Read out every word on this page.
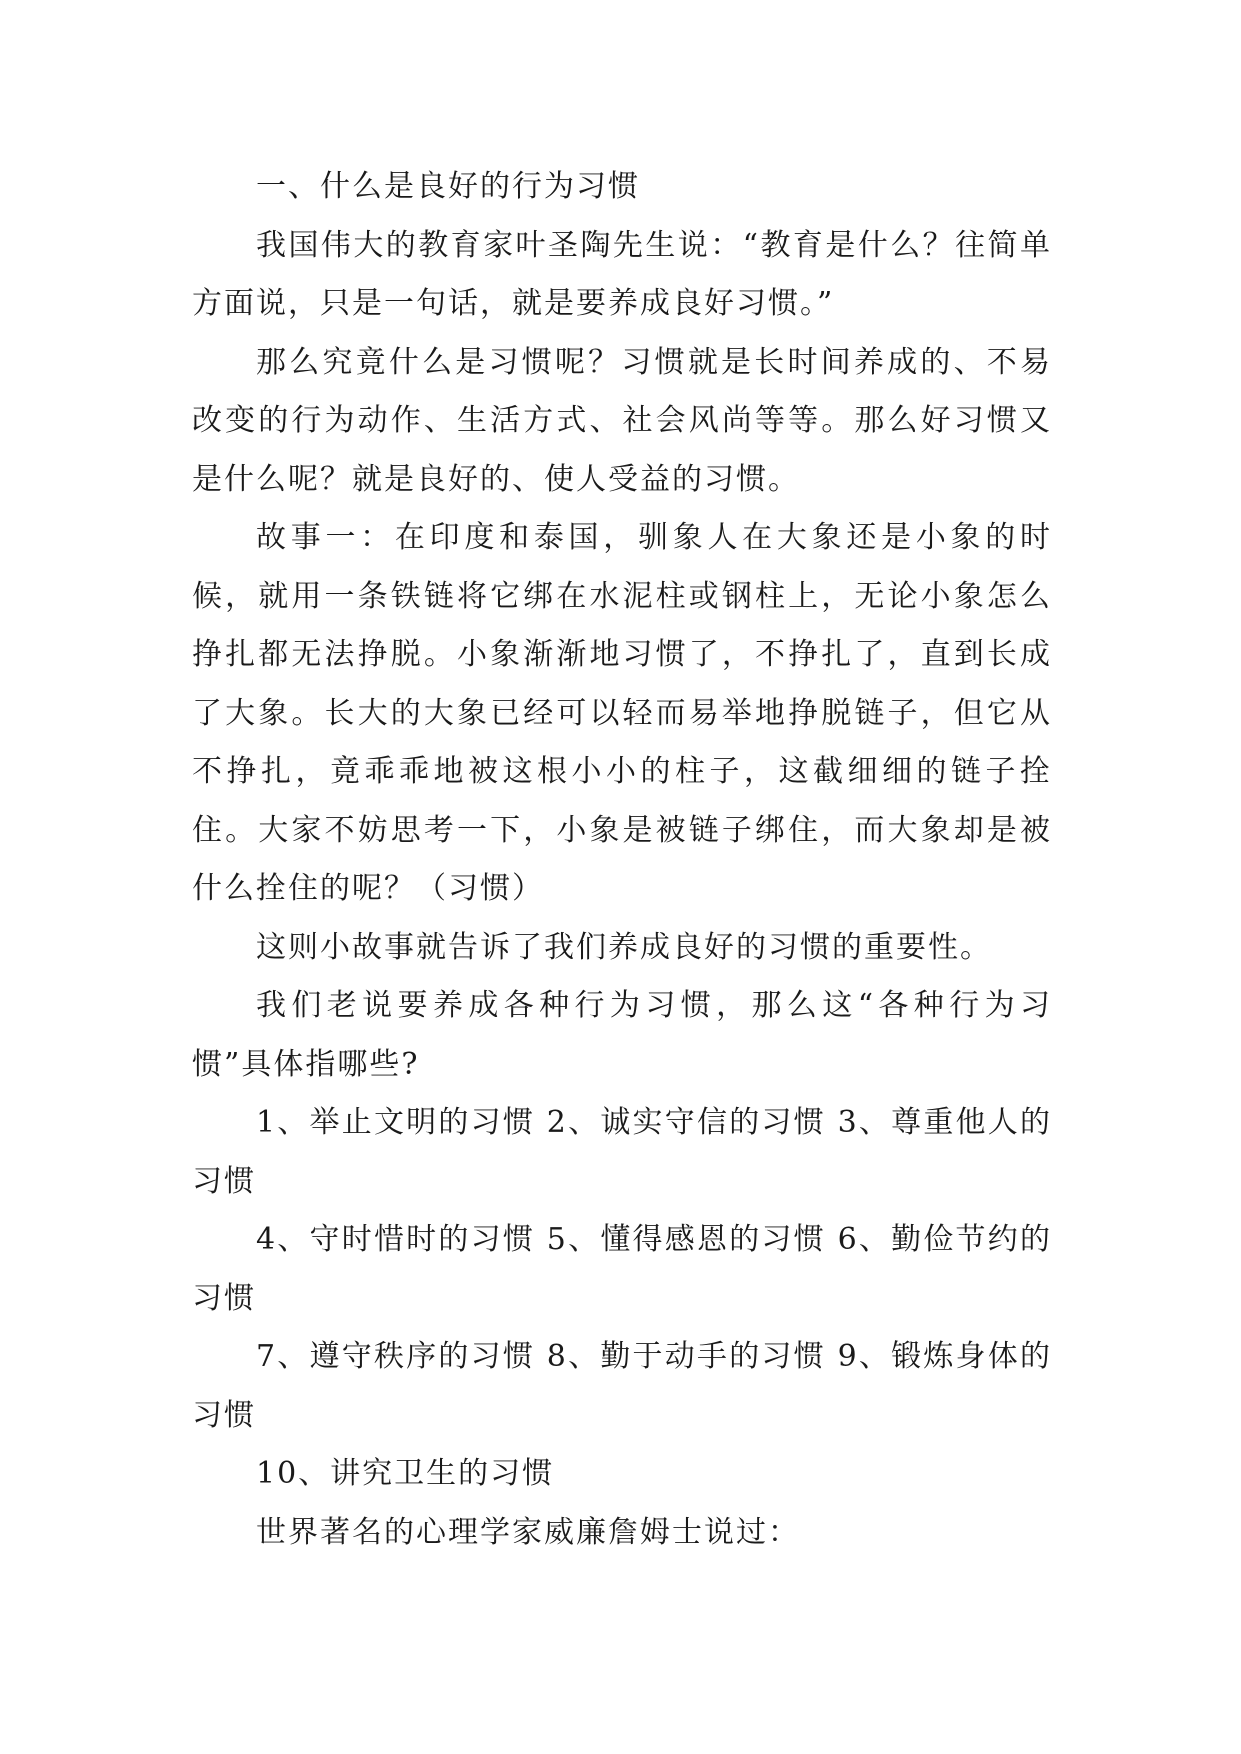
一、什么是良好的行为习惯

我国伟大的教育家叶圣陶先生说：“教育是什么？往简单方面说，只是一句话，就是要养成良好习惯。”

那么究竟什么是习惯呢？习惯就是长时间养成的、不易改变的行为动作、生活方式、社会风尚等等。那么好习惯又是什么呢？就是良好的、使人受益的习惯。

故事一：在印度和泰国，驯象人在大象还是小象的时候，就用一条铁链将它绑在水泥柱或钢柱上，无论小象怎么挣扎都无法挣脱。小象渐渐地习惯了，不挣扎了，直到长成了大象。长大的大象已经可以轻而易举地挣脱链子，但它从不挣扎，竟乖乖地被这根小小的柱子，这截细细的链子拴住。大家不妨思考一下，小象是被链子绑住，而大象却是被什么拴住的呢？（习惯）

这则小故事就告诉了我们养成良好的习惯的重要性。

我们老说要养成各种行为习惯，那么这“各种行为习惯”具体指哪些?

1、举止文明的习惯 2、诚实守信的习惯 3、尊重他人的习惯

4、守时惜时的习惯 5、懂得感恩的习惯 6、勤俭节约的习惯

7、遵守秩序的习惯 8、勤于动手的习惯 9、锻炼身体的习惯

10、讲究卫生的习惯

世界著名的心理学家威廉詹姆士说过：
